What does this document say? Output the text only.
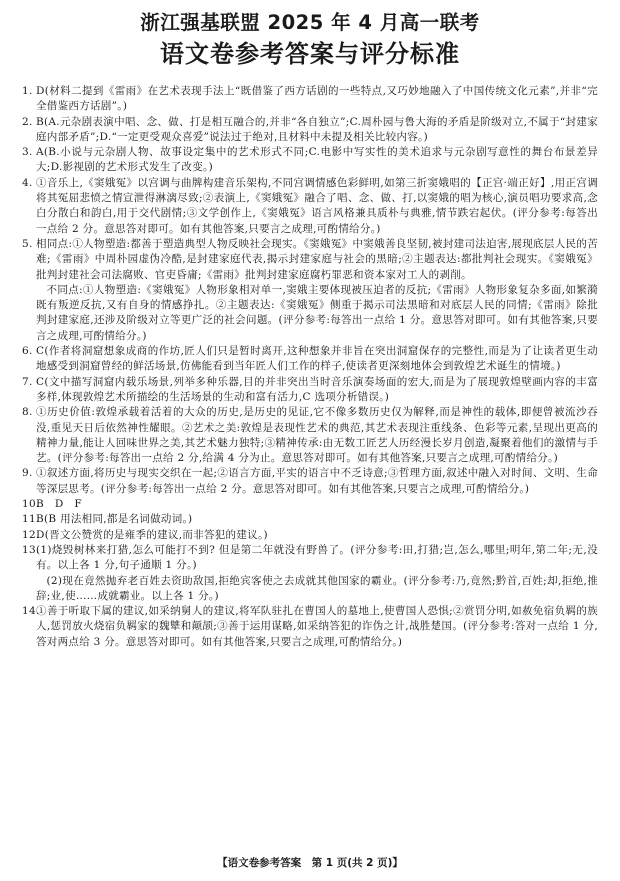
浙江强基联盟 2025 年 4 月高一联考
语文卷参考答案与评分标准
1. D(材料二提到《雷雨》在艺术表现手法上“既借鉴了西方话剧的一些特点,又巧妙地融入了中国传统文化元素”,并非“完全借鉴西方话剧”。)

2. B(A.元杂剧表演中唱、念、做、打是相互融合的,并非“各自独立”;C.周朴园与鲁大海的矛盾是阶级对立,不属于“封建家庭内部矛盾”;D.“一定更受观众喜爱”说法过于绝对,且材料中未提及相关比较内容。)

3. A(B.小说与元杂剧人物、故事设定集中的艺术形式不同;C.电影中写实性的美术追求与元杂剧写意性的舞台布景差异大;D.影视剧的艺术形式发生了改变。)

4. ①音乐上,《窦娥冤》以宫调与曲牌构建音乐架构,不同宫调情感色彩鲜明,如第三折窦娥唱的【正宫·端正好】,用正宫调将其冤屈悲愤之情宣泄得淋漓尽致;②表演上,《窦娥冤》融合了唱、念、做、打,以窦娥的唱为核心,演员唱功要求高,念白分散白和韵白,用于交代剧情;③文学创作上,《窦娥冤》语言风格兼具质朴与典雅,情节跌宕起伏。(评分参考:每答出一点给 2 分。意思答对即可。如有其他答案,只要言之成理,可酌情给分。)

5. 相同点:①人物塑造:都善于塑造典型人物反映社会现实。《窦娥冤》中窦娥善良坚韧,被封建司法迫害,展现底层人民的苦难;《雷雨》中周朴园虚伪冷酷,是封建家庭代表,揭示封建家庭与社会的黑暗;②主题表达:都批判社会现实。《窦娥冤》批判封建社会司法腐败、官吏昏庸;《雷雨》批判封建家庭腐朽罪恶和资本家对工人的剥削。

不同点:①人物塑造:《窦娥冤》人物形象相对单一,窦娥主要体现被压迫者的反抗;《雷雨》人物形象复杂多面,如繁漪既有叛逆反抗,又有自身的情感挣扎。②主题表达:《窦娥冤》侧重于揭示司法黑暗和对底层人民的同情;《雷雨》除批判封建家庭,还涉及阶级对立等更广泛的社会问题。(评分参考:每答出一点给 1 分。意思答对即可。如有其他答案,只要言之成理,可酌情给分。)

6. C(作者将洞窟想象成商的作坊,匠人们只是暂时离开,这种想象并非旨在突出洞窟保存的完整性,而是为了让读者更生动地感受到洞窟曾经的鲜活场景,仿佛能看到当年匠人们工作的样子,使读者更深刻地体会到敦煌艺术诞生的情境。)

7. C(文中描写洞窟内载乐场景,列举多种乐器,目的并非突出当时音乐演奏场面的宏大,而是为了展现敦煌壁画内容的丰富多样,体现敦煌艺术所描绘的生活场景的生动和富有活力,C 选项分析错误。)

8. ①历史价值:敦煌承载着活着的大众的历史,是历史的见证,它不像多数历史仅为解释,而是神性的载体,即便曾被流沙吞没,重见天日后依然神性耀眼。②艺术之美:敦煌是表现性艺术的典范,其艺术表现注重线条、色彩等元素,呈现出更高的精神力量,能让人回味世界之美,其艺术魅力独特;③精神传承:由无数工匠艺人历经漫长岁月创造,凝聚着他们的激情与手艺。(评分参考:每答出一点给 2 分,给满 4 分为止。意思答对即可。如有其他答案,只要言之成理,可酌情给分。)

9. ①叙述方面,将历史与现实交织在一起;②语言方面,平实的语言中不乏诗意;③哲理方面,叙述中融入对时间、文明、生命等深层思考。(评分参考:每答出一点给 2 分。意思答对即可。如有其他答案,只要言之成理,可酌情给分。)

10.

B　D　F

11.

B(B 用法相同,都是名词做动词。)

12.

D(晋文公赞赏的是雍季的建议,而非答犯的建议。)

13.

(1)烧毁树林来打猎,怎么可能打不到? 但是第二年就没有野兽了。(评分参考:田,打猎;岂,怎么,哪里;明年,第二年;无,没有。以上各 1 分,句子通顺 1 分。)

(2)现在竟然抛弃老百姓去资助敌国,拒绝宾客使之去成就其他国家的霸业。(评分参考:乃,竟然;黔首,百姓;却,拒绝,推辞;业,使……成就霸业。以上各 1 分。)

14.

①善于听取下属的建议,如采纳舅人的建议,将军队驻扎在曹国人的墓地上,使曹国人恐惧;②赏罚分明,如赦免宿负羁的族人,惩罚放火烧宿负羁家的魏犨和颠颉;③善于运用谋略,如采纳答犯的诈伪之计,战胜楚国。(评分参考:答对一点给 1 分,答对两点给 3 分。意思答对即可。如有其他答案,只要言之成理,可酌情给分。)

【语文卷参考答案　第 1 页(共 2 页)】
